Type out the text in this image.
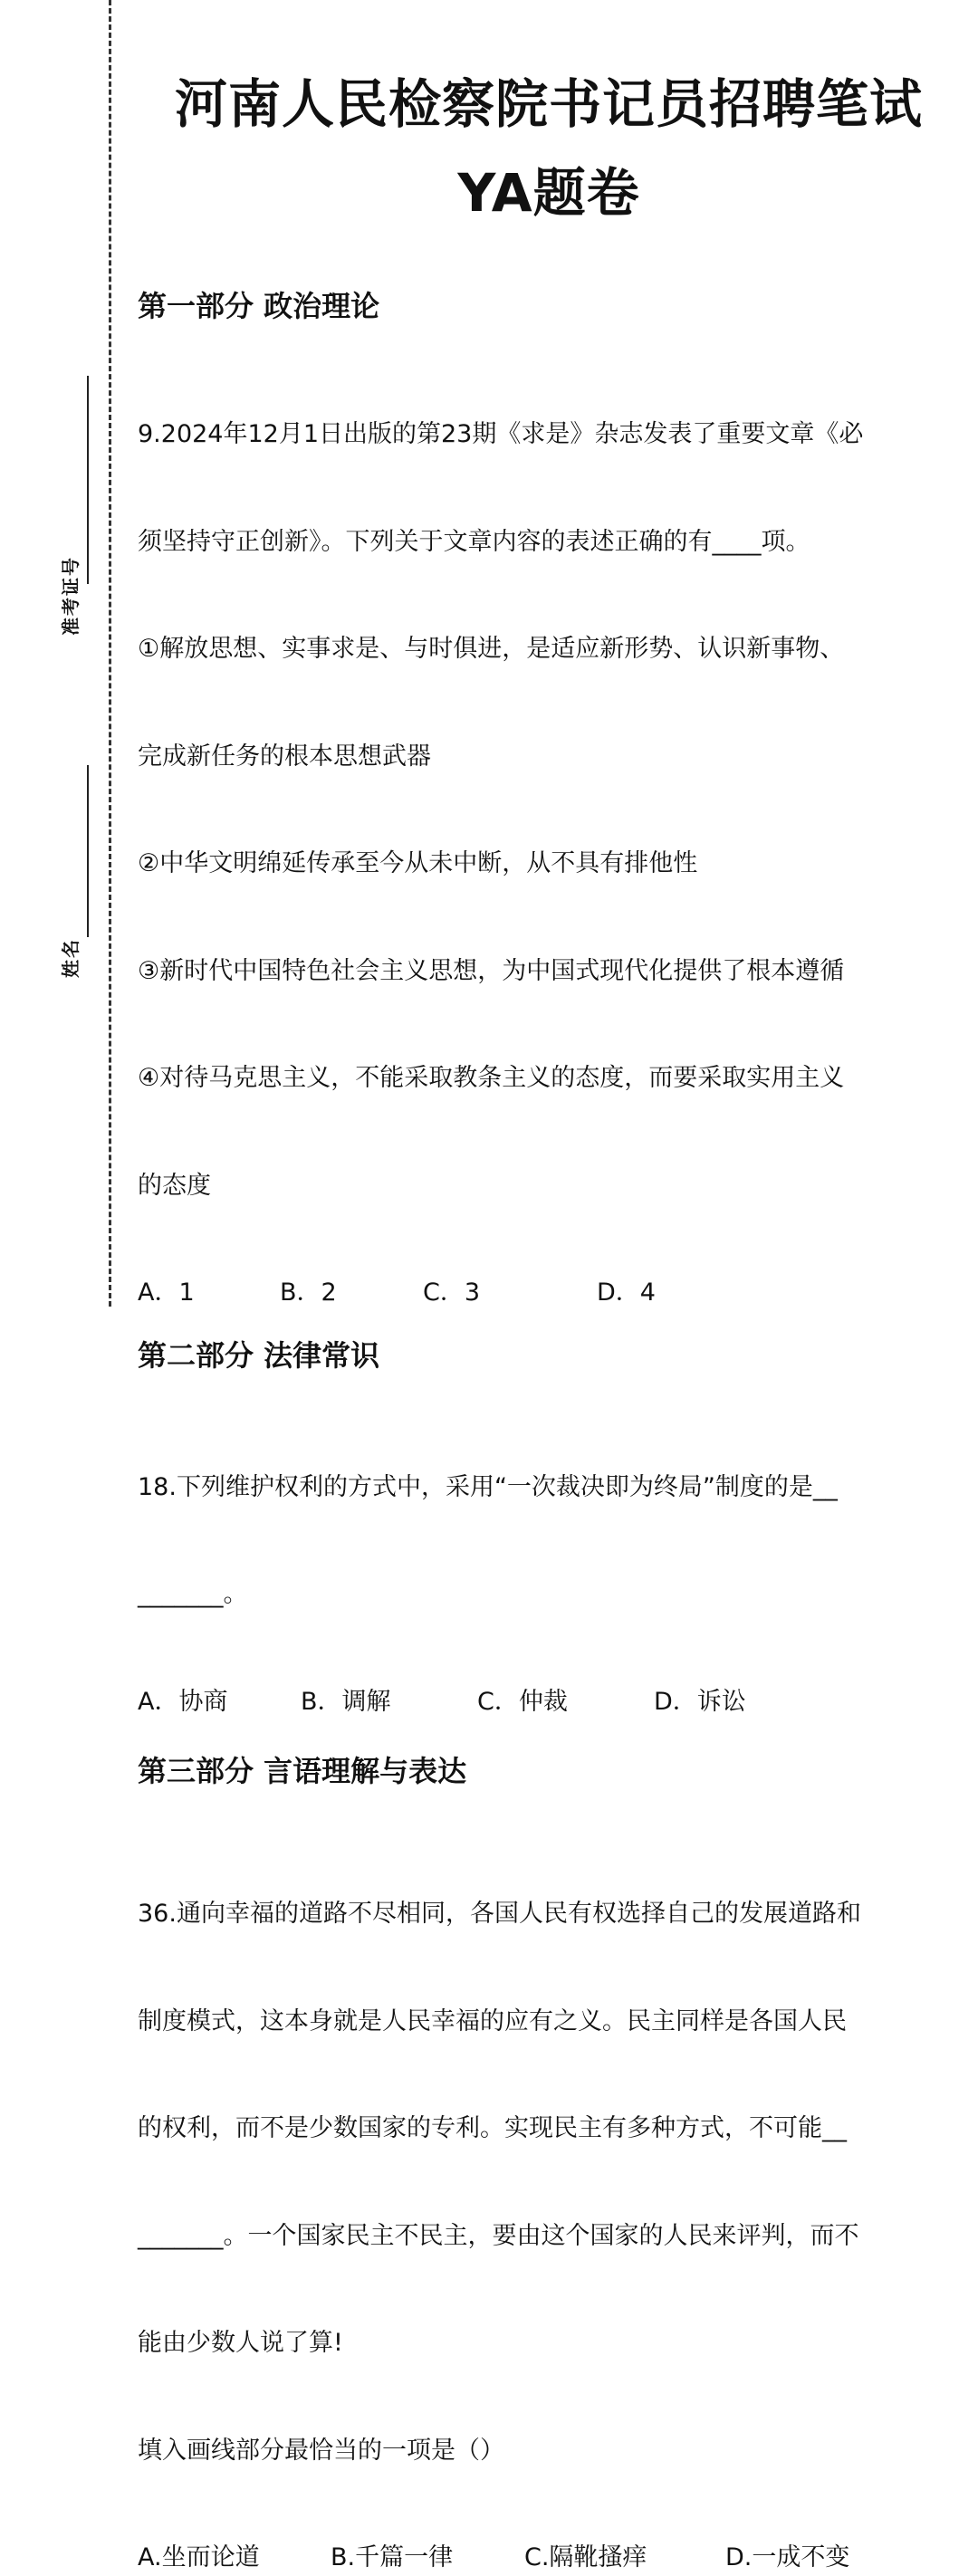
准考证号
姓名
河南人民检察院书记员招聘笔试
YA题卷
第一部分 政治理论

9.2024年12月1日出版的第23期《求是》杂志发表了重要文章《必

须坚持守正创新》。下列关于文章内容的表述正确的有____项。

①解放思想、实事求是、与时俱进，是适应新形势、认识新事物、

完成新任务的根本思想武器

②中华文明绵延传承至今从未中断，从不具有排他性

③新时代中国特色社会主义思想，为中国式现代化提供了根本遵循

④对待马克思主义，不能采取教条主义的态度，而要采取实用主义

的态度

A．1	B．2	C．3	D．4
第二部分 法律常识

18.下列维护权利的方式中，采用“一次裁决即为终局”制度的是__

_______。

A．协商	B．调解	C．仲裁	D．诉讼
第三部分 言语理解与表达

36.通向幸福的道路不尽相同，各国人民有权选择自己的发展道路和

制度模式，这本身就是人民幸福的应有之义。民主同样是各国人民

的权利，而不是少数国家的专利。实现民主有多种方式，不可能__

_______。一个国家民主不民主，要由这个国家的人民来评判，而不

能由少数人说了算!

填入画线部分最恰当的一项是（）

A.坐而论道	B.千篇一律	C.隔靴搔痒	D.一成不变
